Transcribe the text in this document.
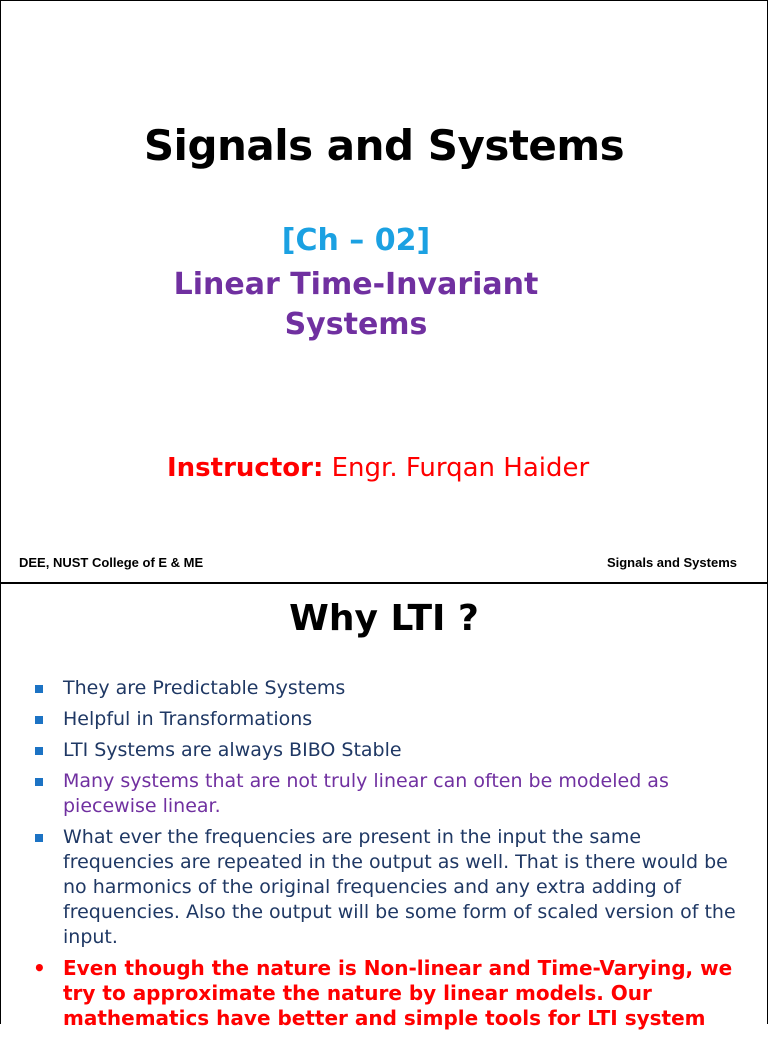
Signals and Systems
[Ch – 02]
Linear Time-Invariant
Systems
Instructor: Engr. Furqan Haider
DEE, NUST College of E & ME	Signals and Systems
Why LTI ?
They are Predictable Systems
Helpful in Transformations
LTI Systems are always BIBO Stable
Many systems that are not truly linear can often be modeled as piecewise linear.
What ever the frequencies are present in the input the same frequencies are repeated in the output as well. That is there would be no harmonics of the original frequencies and any extra adding of frequencies. Also the output will be some form of scaled version of the input.
• Even though the nature is Non-linear and Time-Varying, we try to approximate the nature by linear models. Our mathematics have better and simple tools for LTI system
